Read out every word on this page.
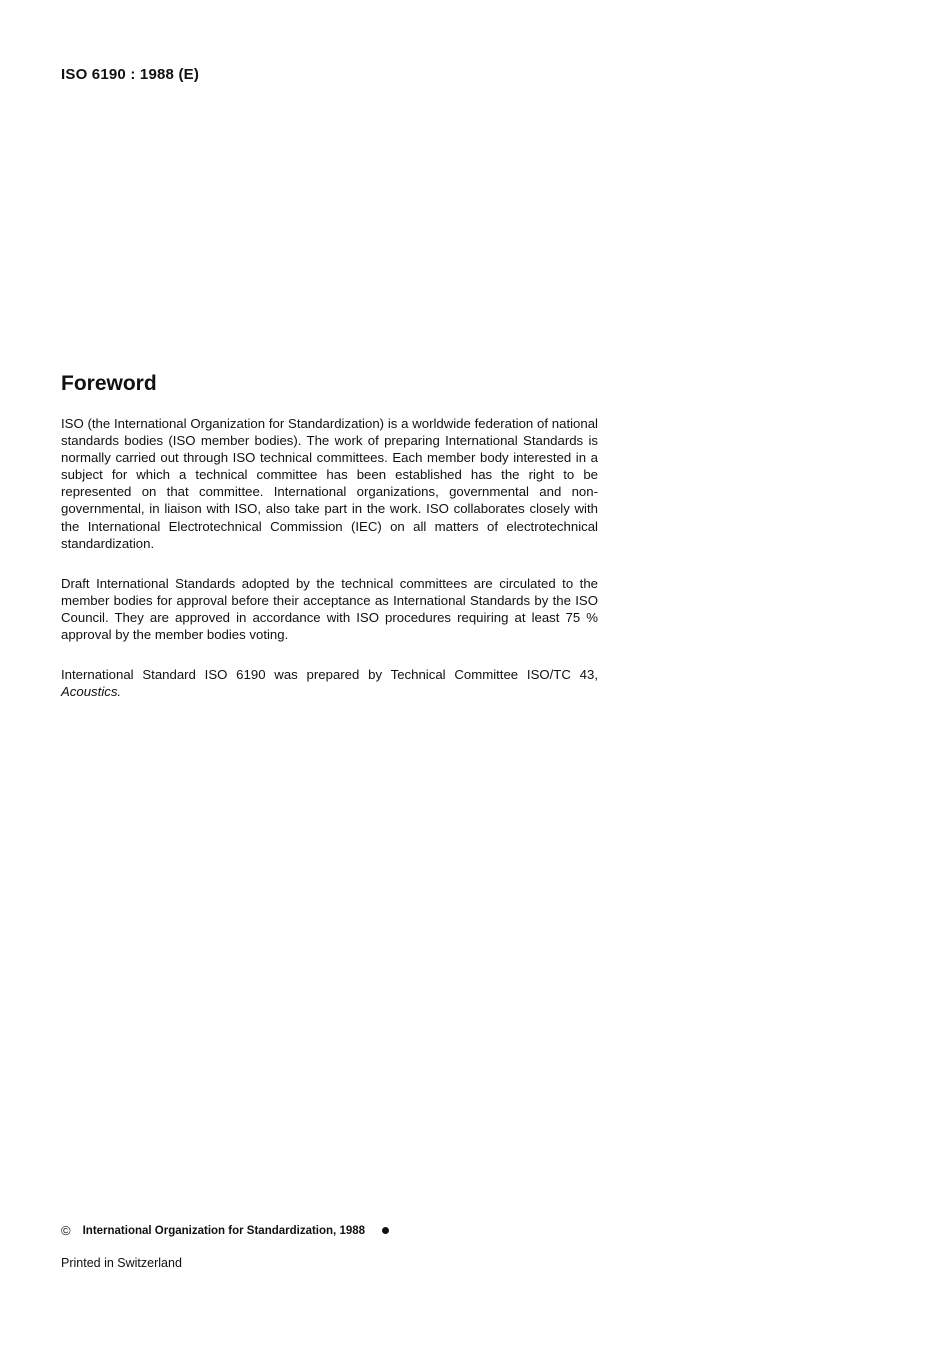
ISO 6190 : 1988 (E)
Foreword

ISO (the International Organization for Standardization) is a worldwide federation of national standards bodies (ISO member bodies). The work of preparing International Standards is normally carried out through ISO technical committees. Each member body interested in a subject for which a technical committee has been established has the right to be represented on that committee. International organizations, governmental and non-governmental, in liaison with ISO, also take part in the work. ISO collaborates closely with the International Electrotechnical Commission (IEC) on all matters of electrotechnical standardization.

Draft International Standards adopted by the technical committees are circulated to the member bodies for approval before their acceptance as International Standards by the ISO Council. They are approved in accordance with ISO procedures requiring at least 75 % approval by the member bodies voting.

International Standard ISO 6190 was prepared by Technical Committee ISO/TC 43, Acoustics.

© International Organization for Standardization, 1988

Printed in Switzerland
